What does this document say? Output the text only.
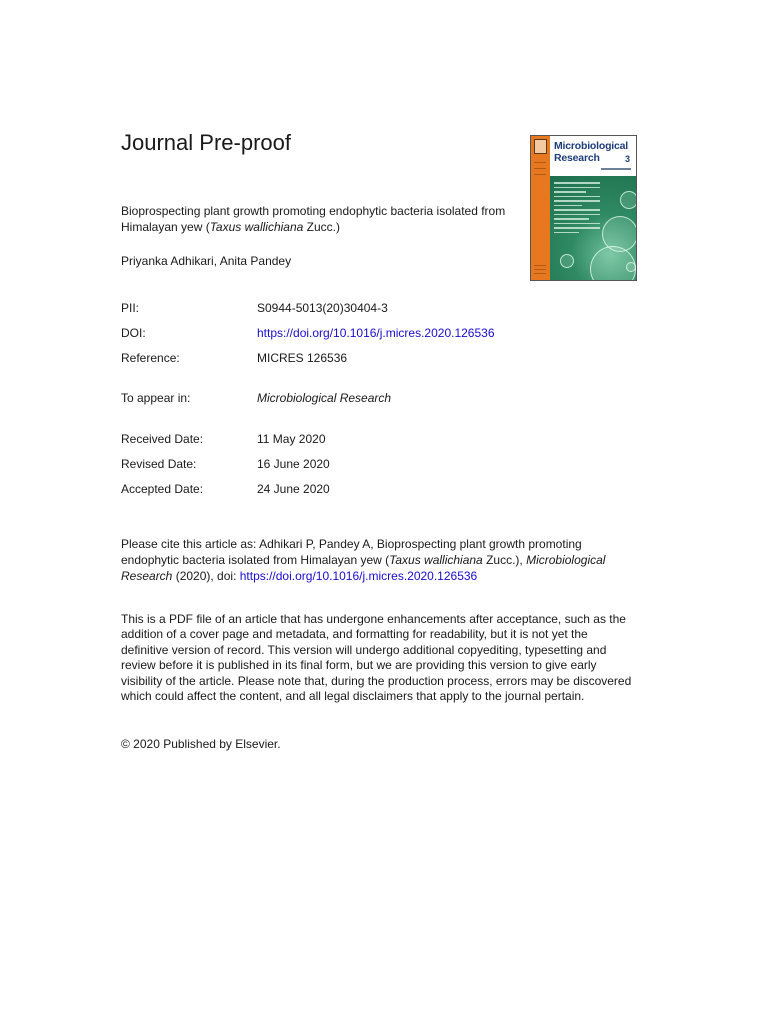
Journal Pre-proof
Bioprospecting plant growth promoting endophytic bacteria isolated from Himalayan yew (Taxus wallichiana Zucc.)
Priyanka Adhikari, Anita Pandey
PII:	S0944-5013(20)30404-3
DOI:	https://doi.org/10.1016/j.micres.2020.126536
Reference:	MICRES 126536
To appear in:	Microbiological Research
Received Date:	11 May 2020
Revised Date:	16 June 2020
Accepted Date:	24 June 2020
Please cite this article as: Adhikari P, Pandey A, Bioprospecting plant growth promoting endophytic bacteria isolated from Himalayan yew (Taxus wallichiana Zucc.), Microbiological Research (2020), doi: https://doi.org/10.1016/j.micres.2020.126536
This is a PDF file of an article that has undergone enhancements after acceptance, such as the addition of a cover page and metadata, and formatting for readability, but it is not yet the definitive version of record. This version will undergo additional copyediting, typesetting and review before it is published in its final form, but we are providing this version to give early visibility of the article. Please note that, during the production process, errors may be discovered which could affect the content, and all legal disclaimers that apply to the journal pertain.
© 2020 Published by Elsevier.
Microbiological
Research	3
